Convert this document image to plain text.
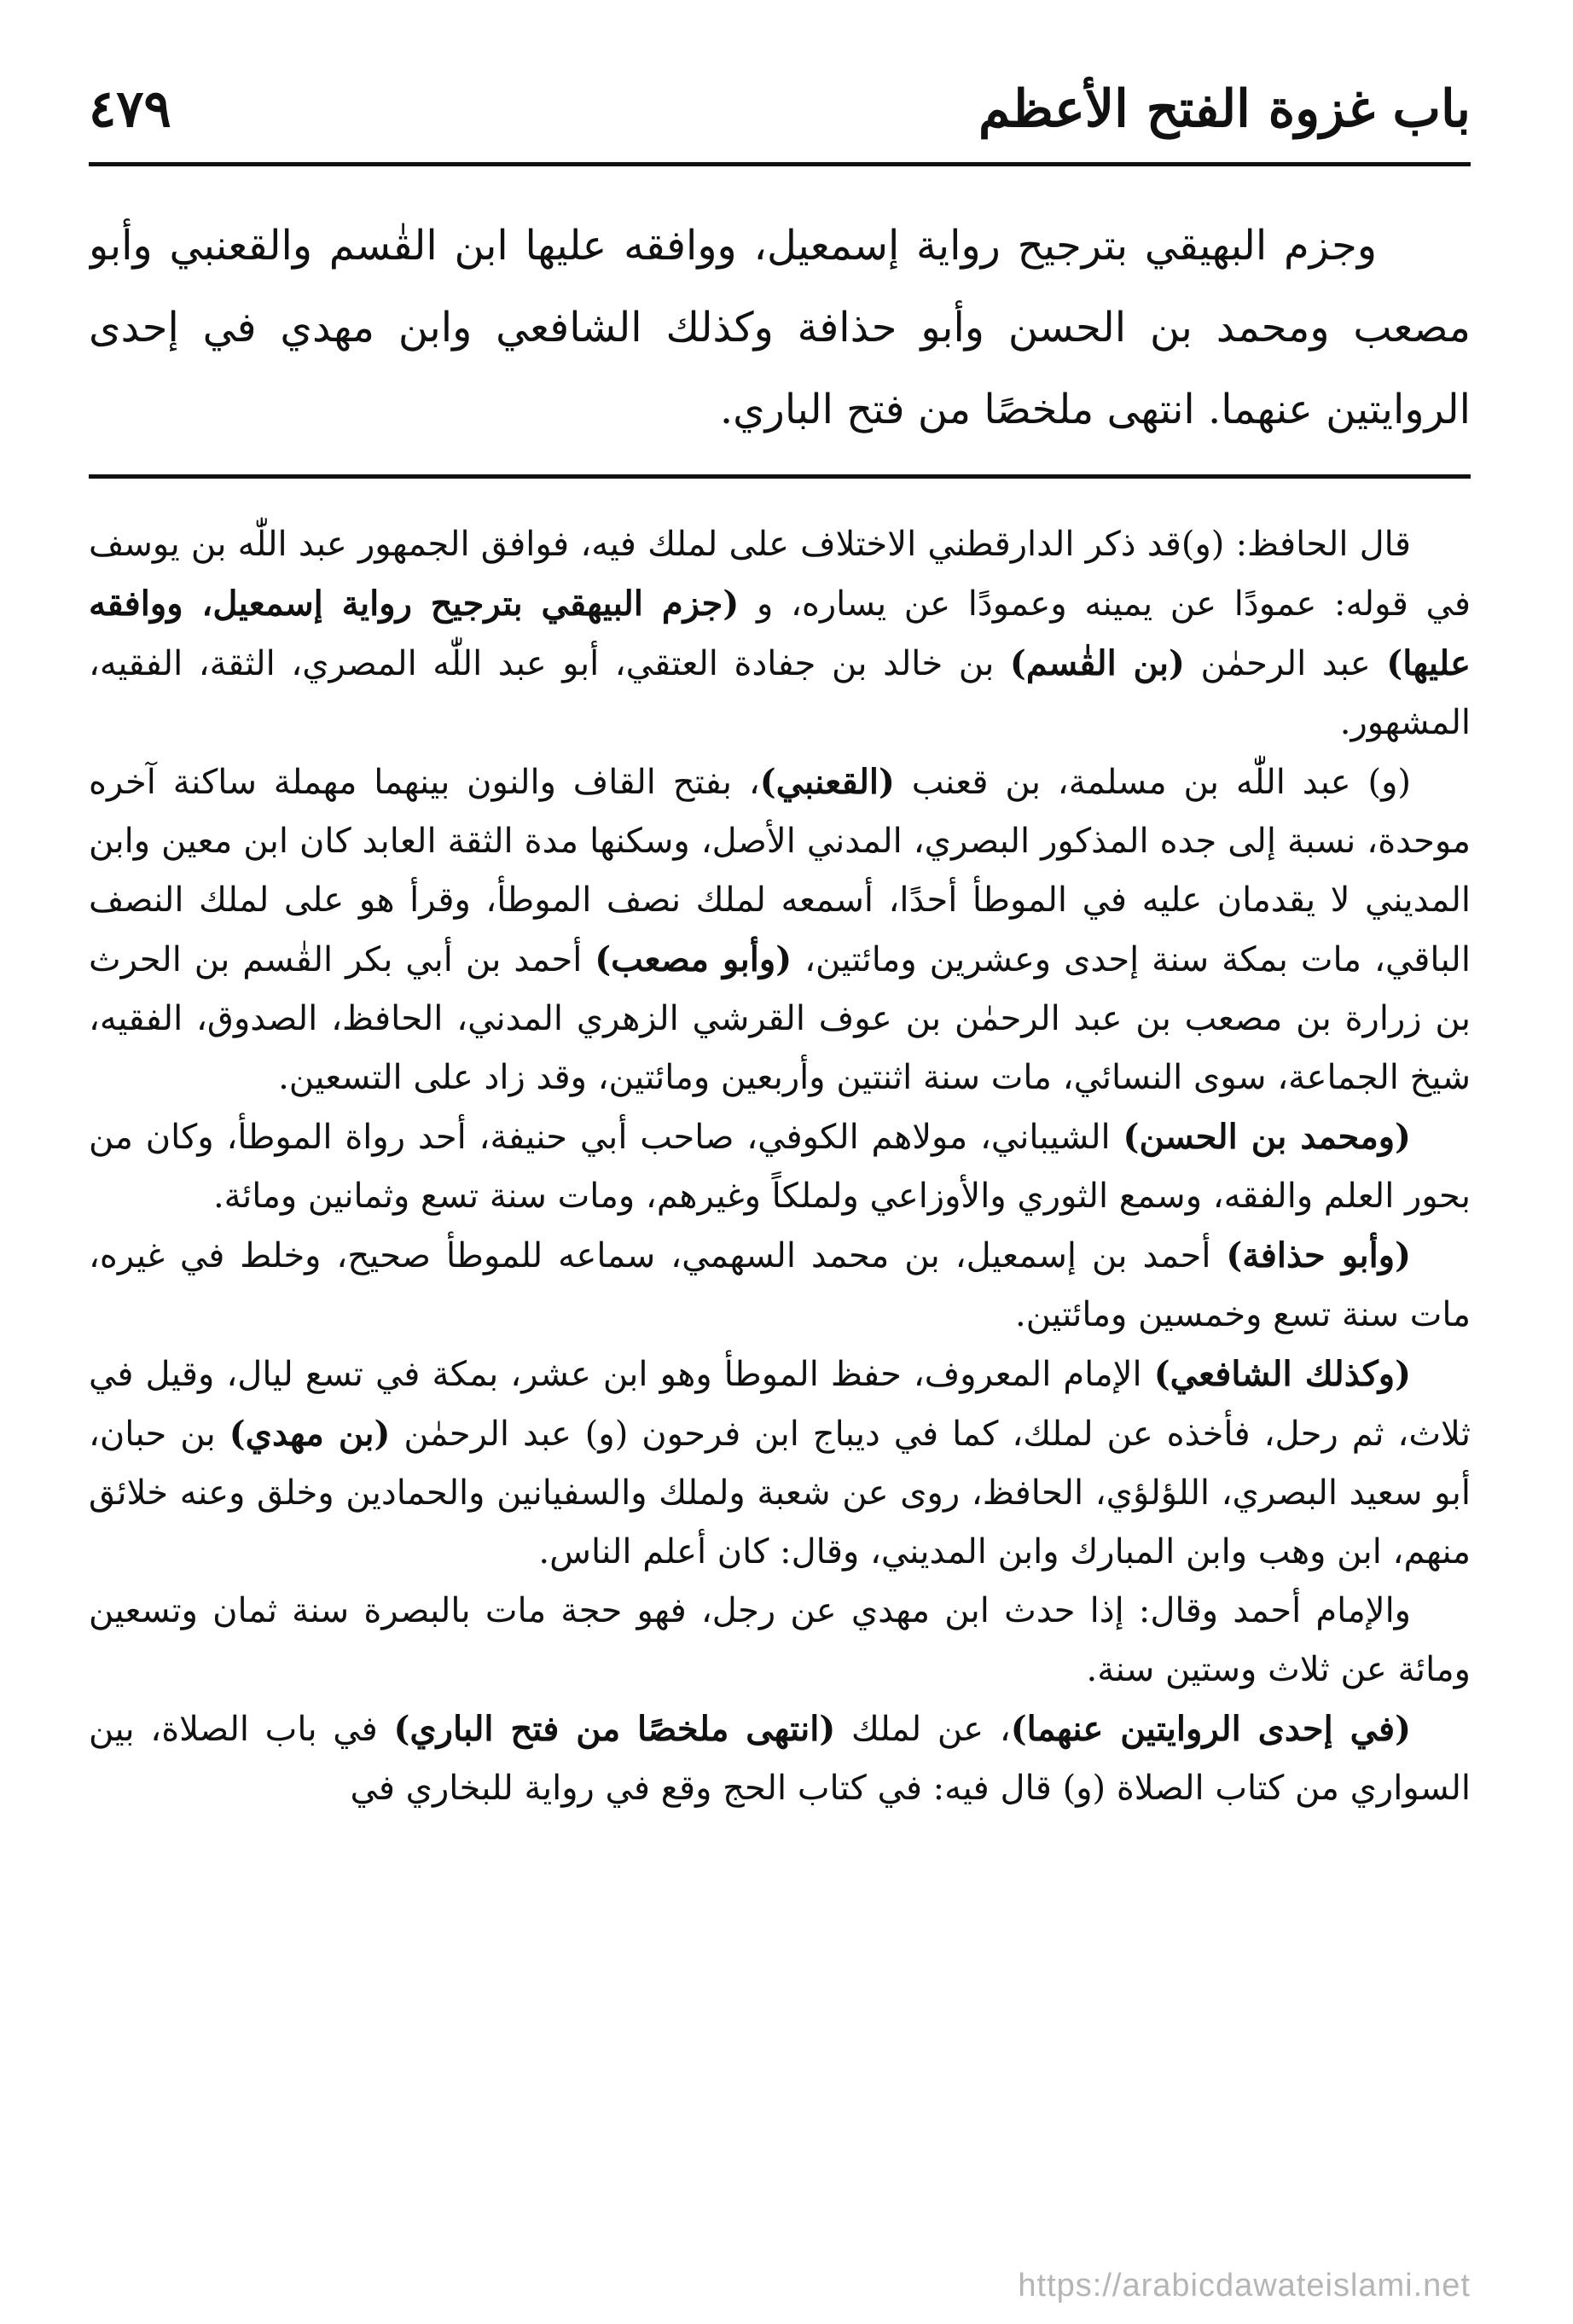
باب غزوة الفتح الأعظم
٤٧٩

وجزم البهيقي بترجيح رواية إسمعيل، ووافقه عليها ابن القٰسم والقعنبي وأبو مصعب ومحمد بن الحسن وأبو حذافة وكذلك الشافعي وابن مهدي في إحدى الروايتين عنهما. انتهى ملخصًا من فتح الباري.

قال الحافظ: (و)قد ذكر الدارقطني الاختلاف على لملك فيه، فوافق الجمهور عبد اللّٰه بن يوسف في قوله: عمودًا عن يمينه وعمودًا عن يساره، و (جزم البيهقي بترجيح رواية إسمعيل، ووافقه عليها) عبد الرحمٰن (بن القٰسم) بن خالد بن جفادة العتقي، أبو عبد اللّٰه المصري، الثقة، الفقيه، المشهور.

(و) عبد اللّٰه بن مسلمة، بن قعنب (القعنبي)، بفتح القاف والنون بينهما مهملة ساكنة آخره موحدة، نسبة إلى جده المذكور البصري، المدني الأصل، وسكنها مدة الثقة العابد كان ابن معين وابن المديني لا يقدمان عليه في الموطأ أحدًا، أسمعه لملك نصف الموطأ، وقرأ هو على لملك النصف الباقي، مات بمكة سنة إحدى وعشرين ومائتين، (وأبو مصعب) أحمد بن أبي بكر القٰسم بن الحرث بن زرارة بن مصعب بن عبد الرحمٰن بن عوف القرشي الزهري المدني، الحافظ، الصدوق، الفقيه، شيخ الجماعة، سوى النسائي، مات سنة اثنتين وأربعين ومائتين، وقد زاد على التسعين.

(ومحمد بن الحسن) الشيباني، مولاهم الكوفي، صاحب أبي حنيفة، أحد رواة الموطأ، وكان من بحور العلم والفقه، وسمع الثوري والأوزاعي ولملكاً وغيرهم، ومات سنة تسع وثمانين ومائة.

(وأبو حذافة) أحمد بن إسمعيل، بن محمد السهمي، سماعه للموطأ صحيح، وخلط في غيره، مات سنة تسع وخمسين ومائتين.

(وكذلك الشافعي) الإمام المعروف، حفظ الموطأ وهو ابن عشر، بمكة في تسع ليال، وقيل في ثلاث، ثم رحل، فأخذه عن لملك، كما في ديباج ابن فرحون (و) عبد الرحمٰن (بن مهدي) بن حبان، أبو سعيد البصري، اللؤلؤي، الحافظ، روى عن شعبة ولملك والسفيانين والحمادين وخلق وعنه خلائق منهم، ابن وهب وابن المبارك وابن المديني، وقال: كان أعلم الناس.

والإمام أحمد وقال: إذا حدث ابن مهدي عن رجل، فهو حجة مات بالبصرة سنة ثمان وتسعين ومائة عن ثلاث وستين سنة.

(في إحدى الروايتين عنهما)، عن لملك (انتهى ملخصًا من فتح الباري) في باب الصلاة، بين السواري من كتاب الصلاة (و) قال فيه: في كتاب الحج وقع في رواية للبخاري في

https://arabicdawateislami.net
